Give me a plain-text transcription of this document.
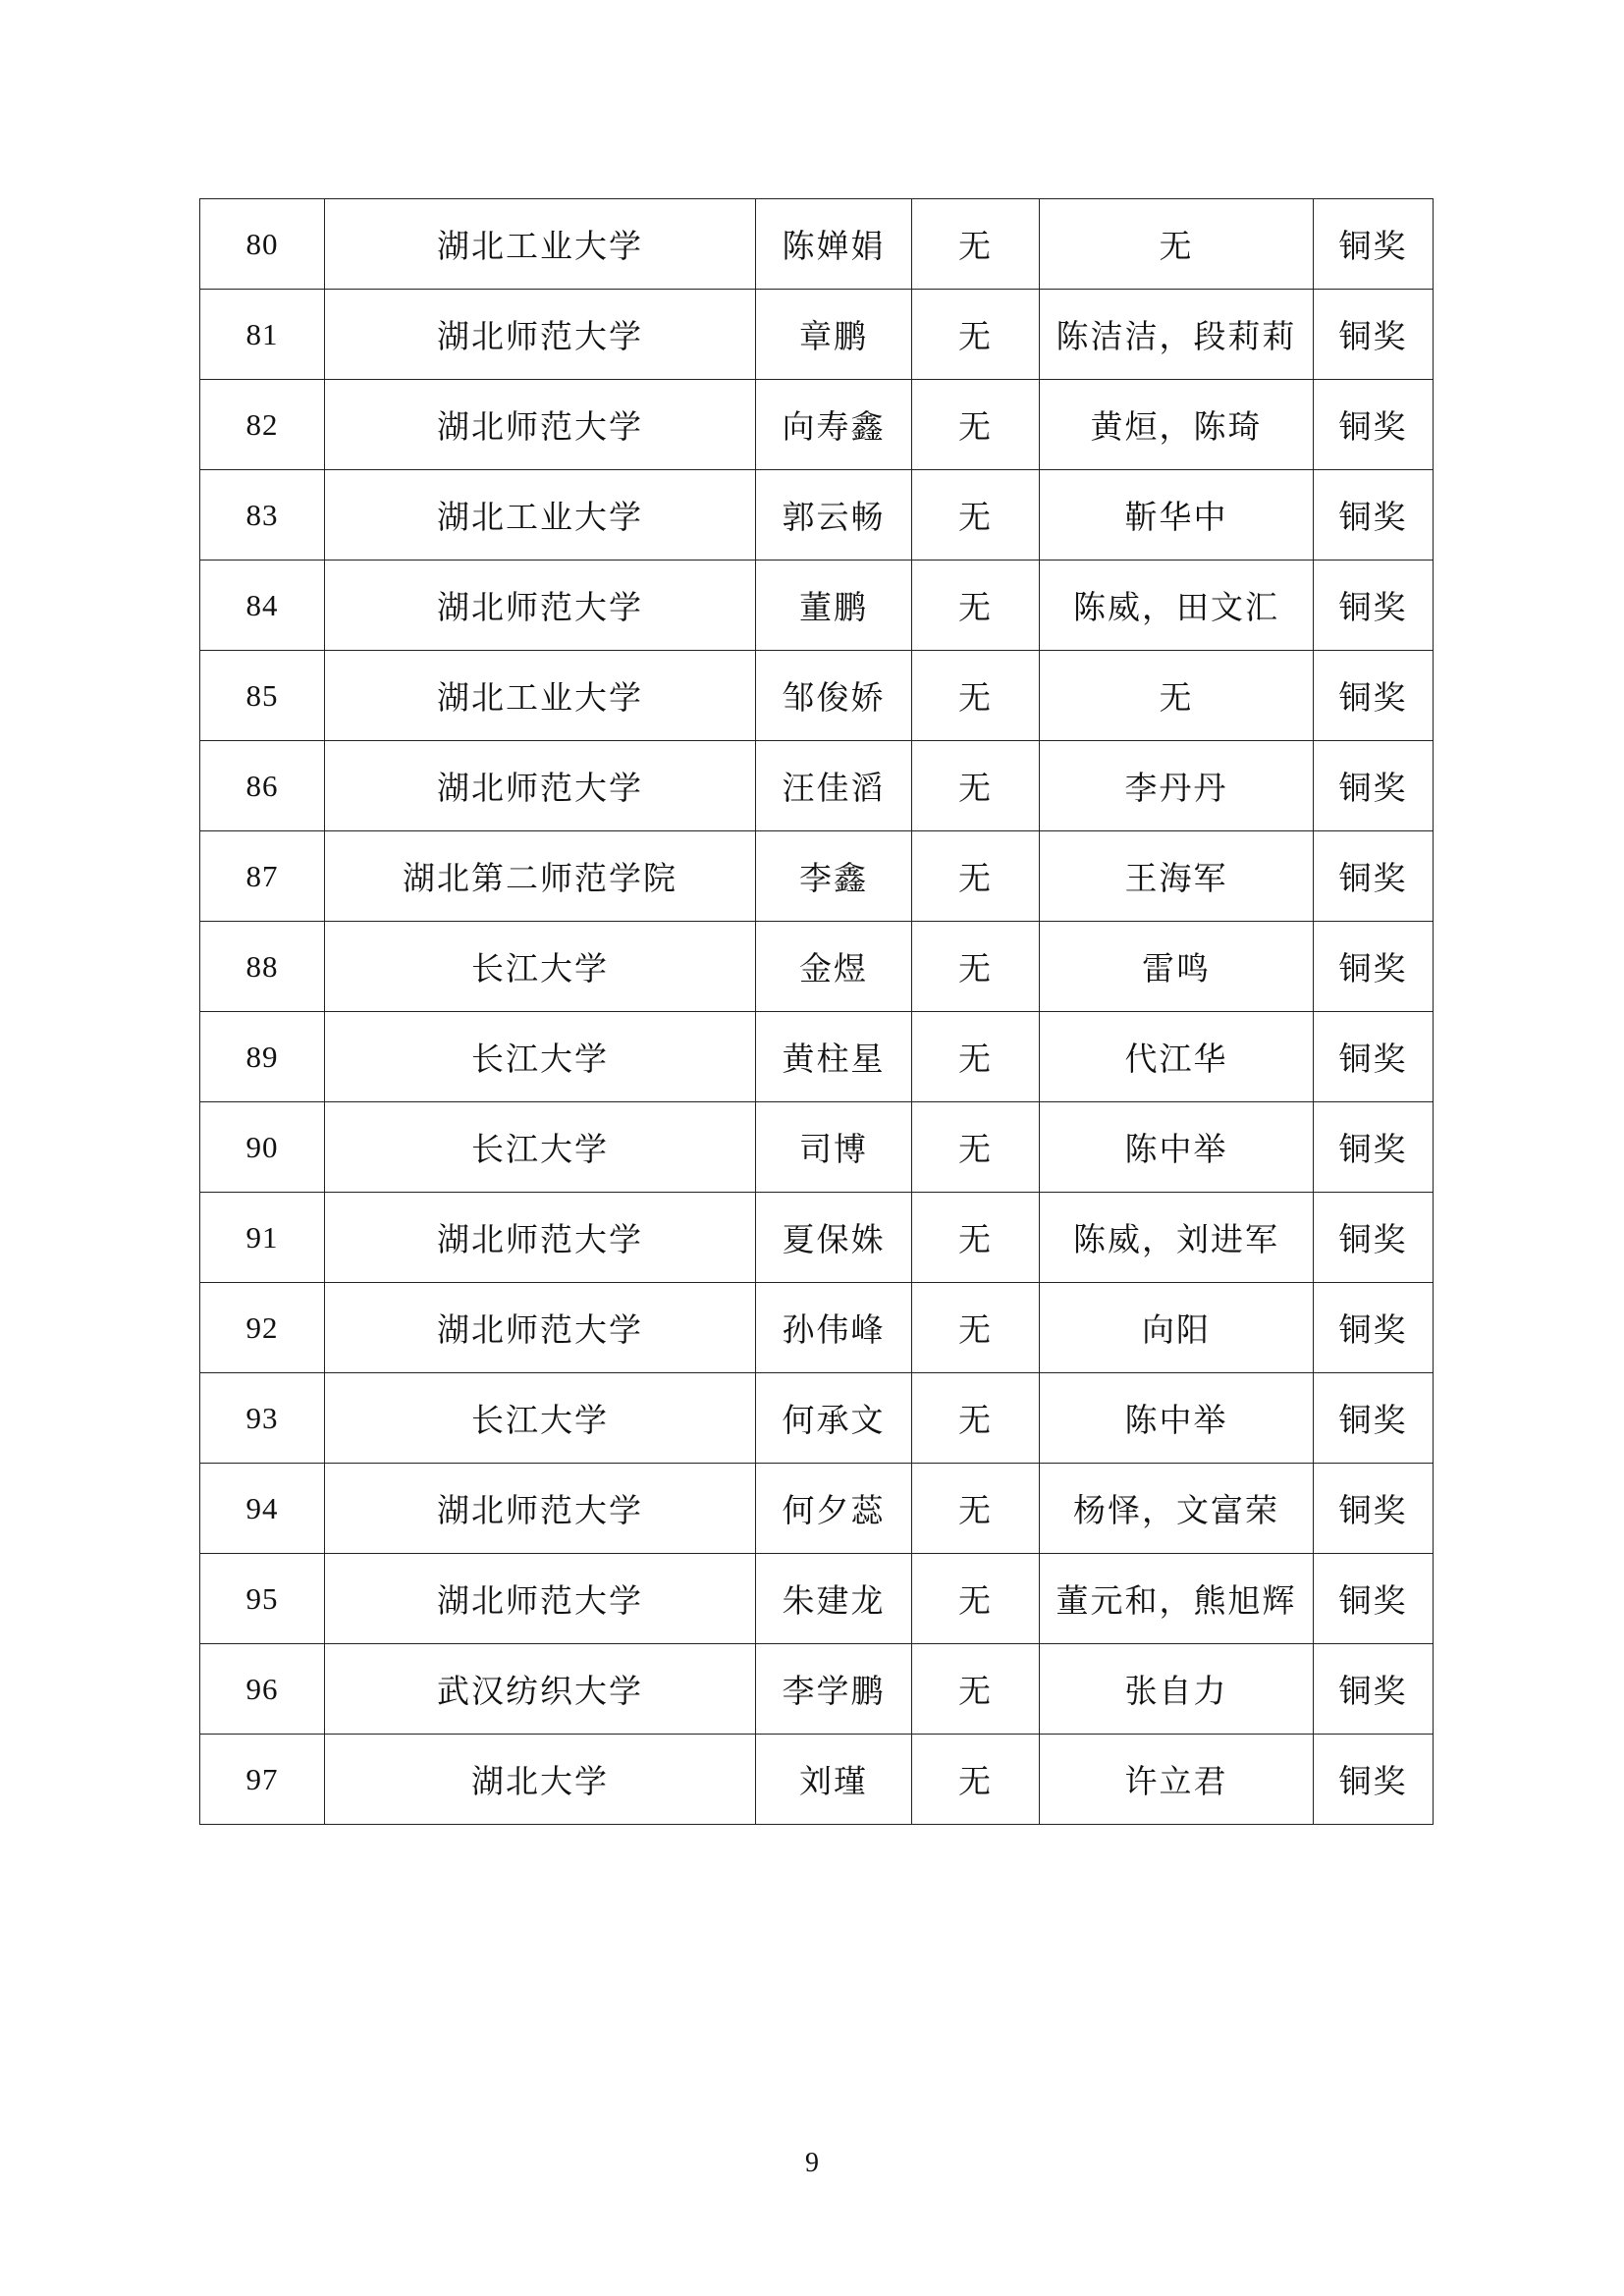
80	湖北工业大学	陈婵娟	无	无	铜奖
81	湖北师范大学	章鹏	无	陈洁洁，段莉莉	铜奖
82	湖北师范大学	向寿鑫	无	黄烜，陈琦	铜奖
83	湖北工业大学	郭云畅	无	靳华中	铜奖
84	湖北师范大学	董鹏	无	陈威，田文汇	铜奖
85	湖北工业大学	邹俊娇	无	无	铜奖
86	湖北师范大学	汪佳滔	无	李丹丹	铜奖
87	湖北第二师范学院	李鑫	无	王海军	铜奖
88	长江大学	金煜	无	雷鸣	铜奖
89	长江大学	黄柱星	无	代江华	铜奖
90	长江大学	司博	无	陈中举	铜奖
91	湖北师范大学	夏保姝	无	陈威，刘进军	铜奖
92	湖北师范大学	孙伟峰	无	向阳	铜奖
93	长江大学	何承文	无	陈中举	铜奖
94	湖北师范大学	何夕蕊	无	杨怿，文富荣	铜奖
95	湖北师范大学	朱建龙	无	董元和，熊旭辉	铜奖
96	武汉纺织大学	李学鹏	无	张自力	铜奖
97	湖北大学	刘瑾	无	许立君	铜奖
9
